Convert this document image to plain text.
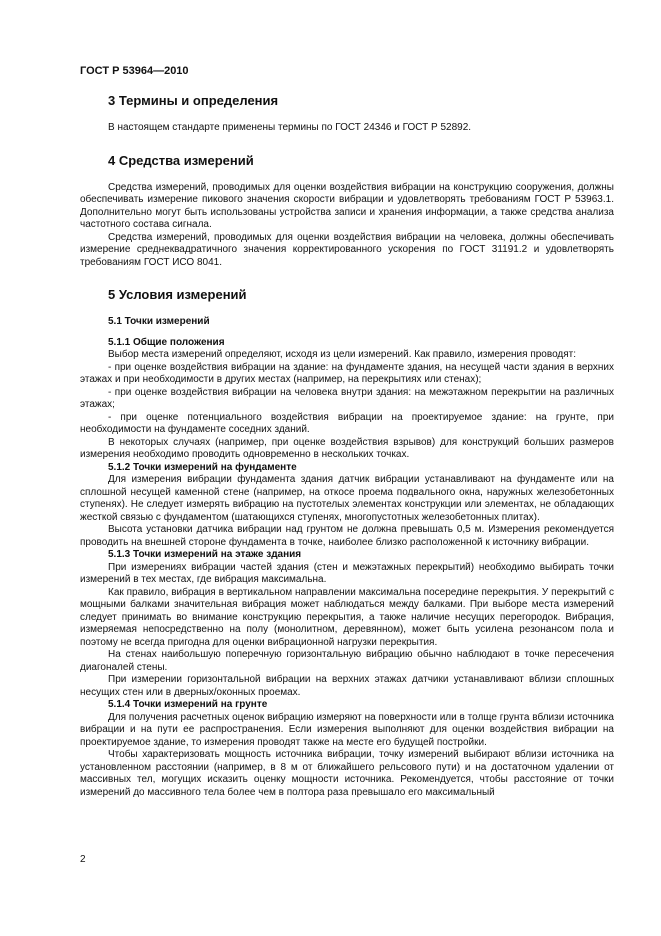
ГОСТ Р 53964—2010
3 Термины и определения

В настоящем стандарте применены термины по ГОСТ 24346 и ГОСТ Р 52892.

4 Средства измерений

Средства измерений, проводимых для оценки воздействия вибрации на конструкцию сооружения, должны обеспечивать измерение пикового значения скорости вибрации и удовлетворять требованиям ГОСТ Р 53963.1. Дополнительно могут быть использованы устройства записи и хранения информации, а также средства анализа частотного состава сигнала.

Средства измерений, проводимых для оценки воздействия вибрации на человека, должны обеспечивать измерение среднеквадратичного значения корректированного ускорения по ГОСТ 31191.2 и удовлетворять требованиям ГОСТ ИСО 8041.

5 Условия измерений
5.1 Точки измерений
5.1.1 Общие положения

Выбор места измерений определяют, исходя из цели измерений. Как правило, измерения проводят:

- при оценке воздействия вибрации на здание: на фундаменте здания, на несущей части здания в верхних этажах и при необходимости в других местах (например, на перекрытиях или стенах);

- при оценке воздействия вибрации на человека внутри здания: на межэтажном перекрытии на различных этажах;

- при оценке потенциального воздействия вибрации на проектируемое здание: на грунте, при необходимости на фундаменте соседних зданий.

В некоторых случаях (например, при оценке воздействия взрывов) для конструкций больших размеров измерения необходимо проводить одновременно в нескольких точках.

5.1.2 Точки измерений на фундаменте

Для измерения вибрации фундамента здания датчик вибрации устанавливают на фундаменте или на сплошной несущей каменной стене (например, на откосе проема подвального окна, наружных железобетонных ступенях). Не следует измерять вибрацию на пустотелых элементах конструкции или элементах, не обладающих жесткой связью с фундаментом (шатающихся ступенях, многопустотных железобетонных плитах).

Высота установки датчика вибрации над грунтом не должна превышать 0,5 м. Измерения рекомендуется проводить на внешней стороне фундамента в точке, наиболее близко расположенной к источнику вибрации.

5.1.3 Точки измерений на этаже здания

При измерениях вибрации частей здания (стен и межэтажных перекрытий) необходимо выбирать точки измерений в тех местах, где вибрация максимальна.

Как правило, вибрация в вертикальном направлении максимальна посередине перекрытия. У перекрытий с мощными балками значительная вибрация может наблюдаться между балками. При выборе места измерений следует принимать во внимание конструкцию перекрытия, а также наличие несущих перегородок. Вибрация, измеряемая непосредственно на полу (монолитном, деревянном), может быть усилена резонансом пола и поэтому не всегда пригодна для оценки вибрационной нагрузки перекрытия.

На стенах наибольшую поперечную горизонтальную вибрацию обычно наблюдают в точке пересечения диагоналей стены.

При измерении горизонтальной вибрации на верхних этажах датчики устанавливают вблизи сплошных несущих стен или в дверных/оконных проемах.

5.1.4 Точки измерений на грунте

Для получения расчетных оценок вибрацию измеряют на поверхности или в толще грунта вблизи источника вибрации и на пути ее распространения. Если измерения выполняют для оценки воздействия вибрации на проектируемое здание, то измерения проводят также на месте его будущей постройки.

Чтобы характеризовать мощность источника вибрации, точку измерений выбирают вблизи источника на установленном расстоянии (например, в 8 м от ближайшего рельсового пути) и на достаточном удалении от массивных тел, могущих исказить оценку мощности источника. Рекомендуется, чтобы расстояние от точки измерений до массивного тела более чем в полтора раза превышало его максимальный

2
